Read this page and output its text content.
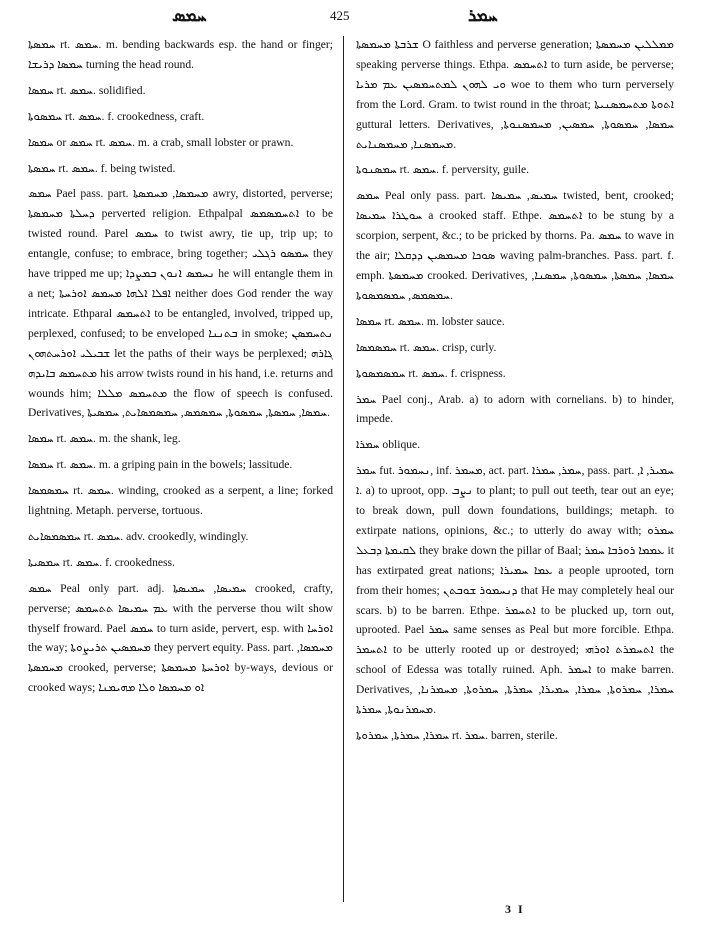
ܚܡܣ	425	ܚܡܪ

ܚܡܣܬܐ rt. ܚܡܣ. m. bending backwards esp. the hand or finger; ܚܡܣܐ ܕܪܝܫܐ turning the head round.

ܚܡܣܐ rt. ܚܡܣ. solidified.

ܚܡܣܘܬܐ rt. ܚܡܣ. f. crookedness, craft.

ܚܡܣܐ or ܚܡܣ rt. ܚܡܣ. m. a crab, small lobster or prawn.

ܚܡܣܬܐ rt. ܚܡܣ. f. being twisted.

ܚܡܣ Pael pass. part. ܡܚܡܣܐ, ܡܚܡܣܬܐ awry, distorted, perverse; ܕܚܠܬܐ ܡܚܡܣܬܐ perverted religion. Ethpalpal ܐܬܚܡܣܡܣ to be twisted round. Parel ܚܡܣ to twist awry, tie up, trip up; to entangle, confuse; to embrace, bring together; ܚܡܣܘ ܪܓܠܝ they have tripped me up; ܢܚܡܣ ܐܢܘܢ ܒܡܨܕܐ he will entangle them in a net; ܐܦܠܐ ܐܠܗܐ ܡܚܡܣ ܐܘܪܚܬܐ neither does God render the way intricate. Ethparal ܐܬܚܡܣ to be entangled, involved, tripped up, perplexed, confused; to be enveloped ܒܬܢܢܐ in smoke; ܢܬܚܡܣܢ ܫܒܝܠܝ ܐܘܪܚܬܗܘܢ let the paths of their ways be perplexed; ܓܐܪܗ ܡܬܚܡܣ ܒܐܝܕܗ his arrow twists round in his hand, i.e. returns and wounds him; ܡܬܚܡܣ ܡܠܠܐ the flow of speech is confused. Derivatives, ܚܡܣܐ, ܚܡܣܬܐ, ܚܡܣܘܬܐ, ܚܡܣܡܣ, ܚܡܣܡܣܐܝܬ, ܚܡܣܝܬܐ.

ܚܡܣܐ rt. ܚܡܣ. m. the shank, leg.

ܚܡܣܐ rt. ܚܡܣ. m. a griping pain in the bowels; lassitude.

ܚܡܣܡܣܐ rt. ܚܡܣ. winding, crooked as a serpent, a line; forked lightning. Metaph. perverse, tortuous.

ܚܡܣܡܣܐܝܬ rt. ܚܡܣ. adv. crookedly, windingly.

ܚܡܣܝܬܐ rt. ܚܡܣ. f. crookedness.

ܚܡܣ Peal only part. adj. ܚܡܝܣܐ, ܚܡܝܣܬܐ crooked, crafty, perverse; ܥܡ ܚܡܝܣܐ ܬܬܚܡܣ with the perverse thou wilt show thyself froward. Pael ܚܡܣ to turn aside, pervert, esp. with ܐܘܪܚܐ the way; ܡܚܡܣܝܢ ܬܪܝܨܘܬܐ they pervert equity. Pass. part. ܡܚܡܣܐ, ܡܚܡܣܬܐ crooked, perverse; ܐܘܪܚܬܐ ܡܚܡܣܬܐ by-ways, devious or crooked ways; ܐܘ ܡܚܡܣܐ ܘܠܐ ܡܗܝܡܢܐ

ܫܪܒܬܐ ܡܚܡܣܬܐ O faithless and perverse generation; ܡܡܠܠܝܢ ܡܚܡܣܬܐ speaking perverse things. Ethpa. ܐܬܚܡܣ to turn aside, be perverse; ܘܝ ܠܗܘܢ ܠܡܬܚܡܣܝܢ ܥܡ ܡܪܝܐ woe to them who turn perversely from the Lord. Gram. to twist round in the throat; ܐܬܘܬܐ ܡܬܚܡܣܢܝܬܐ guttural letters. Derivatives, ܚܡܣܐ, ܚܡܣܘܬܐ, ܚܡܣܝܢ, ܡܚܡܣܢܘܬܐ, ܡܚܡܣܢܐ, ܡܚܡܣܢܐܝܬ.

ܚܡܣܢܘܬܐ rt. ܚܡܣ. f. perversity, guile.

ܚܡܣ Peal only pass. part. ܚܡܝܣ, ܚܡܝܣܐ twisted, bent, crooked; ܚܘܛܪܐ ܚܡܝܣܐ a crooked staff. Ethpe. ܐܬܚܡܣ to be stung by a scorpion, serpent, &c.; to be pricked by thorns. Pa. ܚܡܣ to wave in the air; ܣܘܟܐ ܡܚܡܣܝܢ ܕܕܩܠܐ waving palm-branches. Pass. part. f. emph. ܡܚܡܣܬܐ crooked. Derivatives, ܚܡܣܐ, ܚܡܣܬܐ, ܚܡܣܘܬܐ, ܚܡܣܢܐ, ܚܡܣܡܣ, ܚܡܣܡܣܘܬܐ.

ܚܡܣܐ rt. ܚܡܣ. m. lobster sauce.

ܚܡܣܡܣܐ rt. ܚܡܣ. crisp, curly.

ܚܡܣܡܣܘܬܐ rt. ܚܡܣ. f. crispness.

ܚܡܪ Pael conj., Arab. a) to adorn with cornelians. b) to hinder, impede.

ܚܡܪܐ oblique.

ܚܡܪ fut. ܢܚܡܘܪ, inf. ܡܚܡܪ, act. part. ܚܡܪ, ܚܡܪܐ, pass. part. ܚܡܝܪ, ܐ, ܐ. a) to uproot, opp. ܢܨܒ to plant; to pull out teeth, tear out an eye; to break down, pull down foundations, buildings; metaph. to extirpate nations, opinions, &c.; to utterly do away with; ܚܡܪܘ ܠܩܝܡܬܐ ܕܒܥܠ they brake down the pillar of Baal; ܥܡܡܐ ܪܘܪܒܐ ܚܡܪ it has extirpated great nations; ܥܡܐ ܚܡܝܪܐ a people uprooted, torn from their homes; ܕܢܚܡܘܪ ܫܘܒܬܢ that He may completely heal our scars. b) to be barren. Ethpe. ܐܬܚܡܪ to be plucked up, torn out, uprooted. Pael ܚܡܪ same senses as Peal but more forcible. Ethpa. ܐܬܚܡܪ to be utterly rooted up or destroyed; ܐܬܚܡܪܬ ܐܘܪܗܝ the school of Edessa was totally ruined. Aph. ܐܚܡܪ to make barren. Derivatives, ܚܡܪܐ, ܚܡܪܘܬܐ, ܚܡܪܐ, ܚܡܝܪܐ, ܚܡܪܬܐ, ܚܡܪܘܬܐ, ܡܚܡܪܢܐ, ܡܚܡܪܢܘܬܐ, ܚܡܪܬܐ.

ܚܡܪܐ, ܚܡܪܬܐ, ܚܡܪܘܬܐ rt. ܚܡܪ. barren, sterile.

3 I
